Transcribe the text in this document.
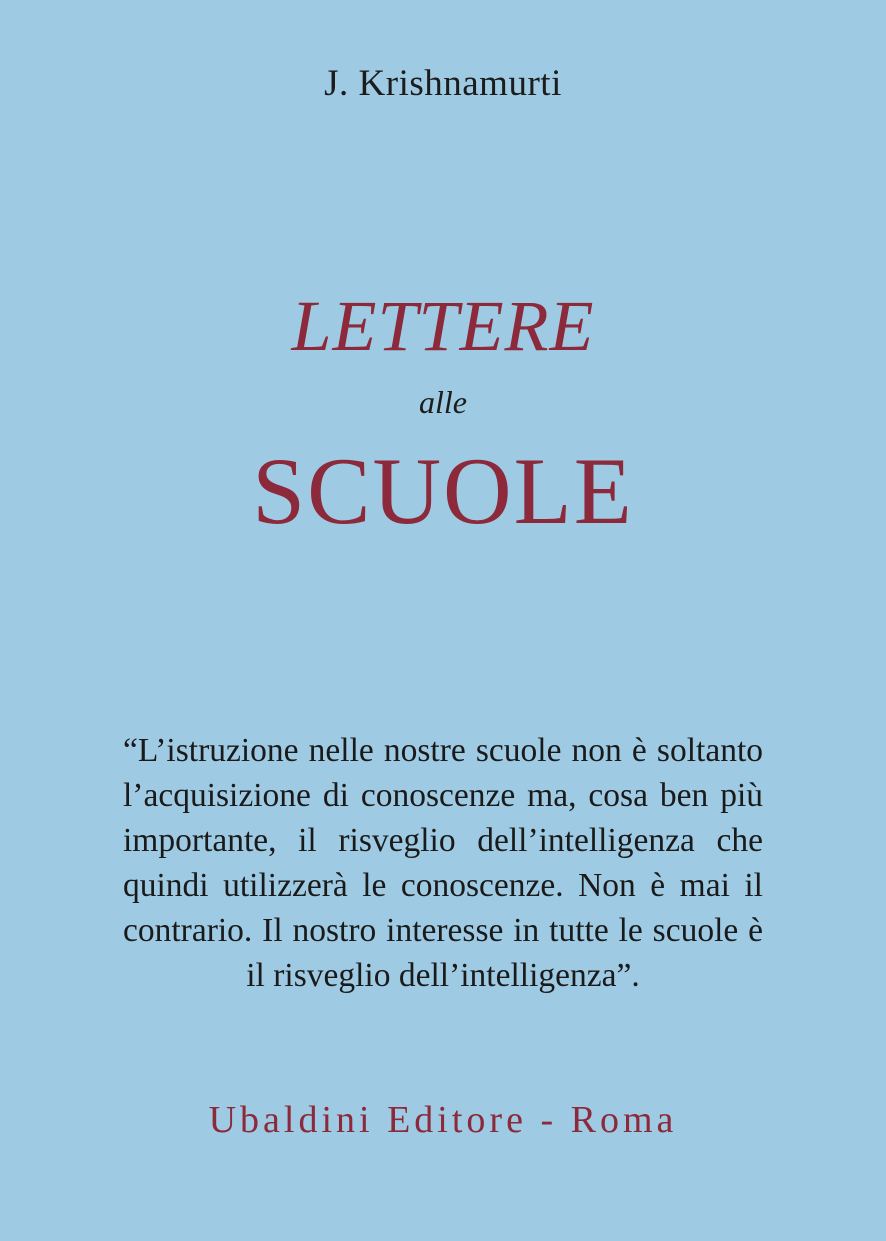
J. Krishnamurti
LETTERE
alle
SCUOLE
“L’istruzione nelle nostre scuole non è soltanto l’acquisizione di conoscenze ma, cosa ben più importante, il risveglio dell’intelligenza che quindi utilizzerà le conoscenze. Non è mai il contrario. Il nostro interesse in tutte le scuole è il risveglio dell’intelligenza”.
Ubaldini Editore - Roma
